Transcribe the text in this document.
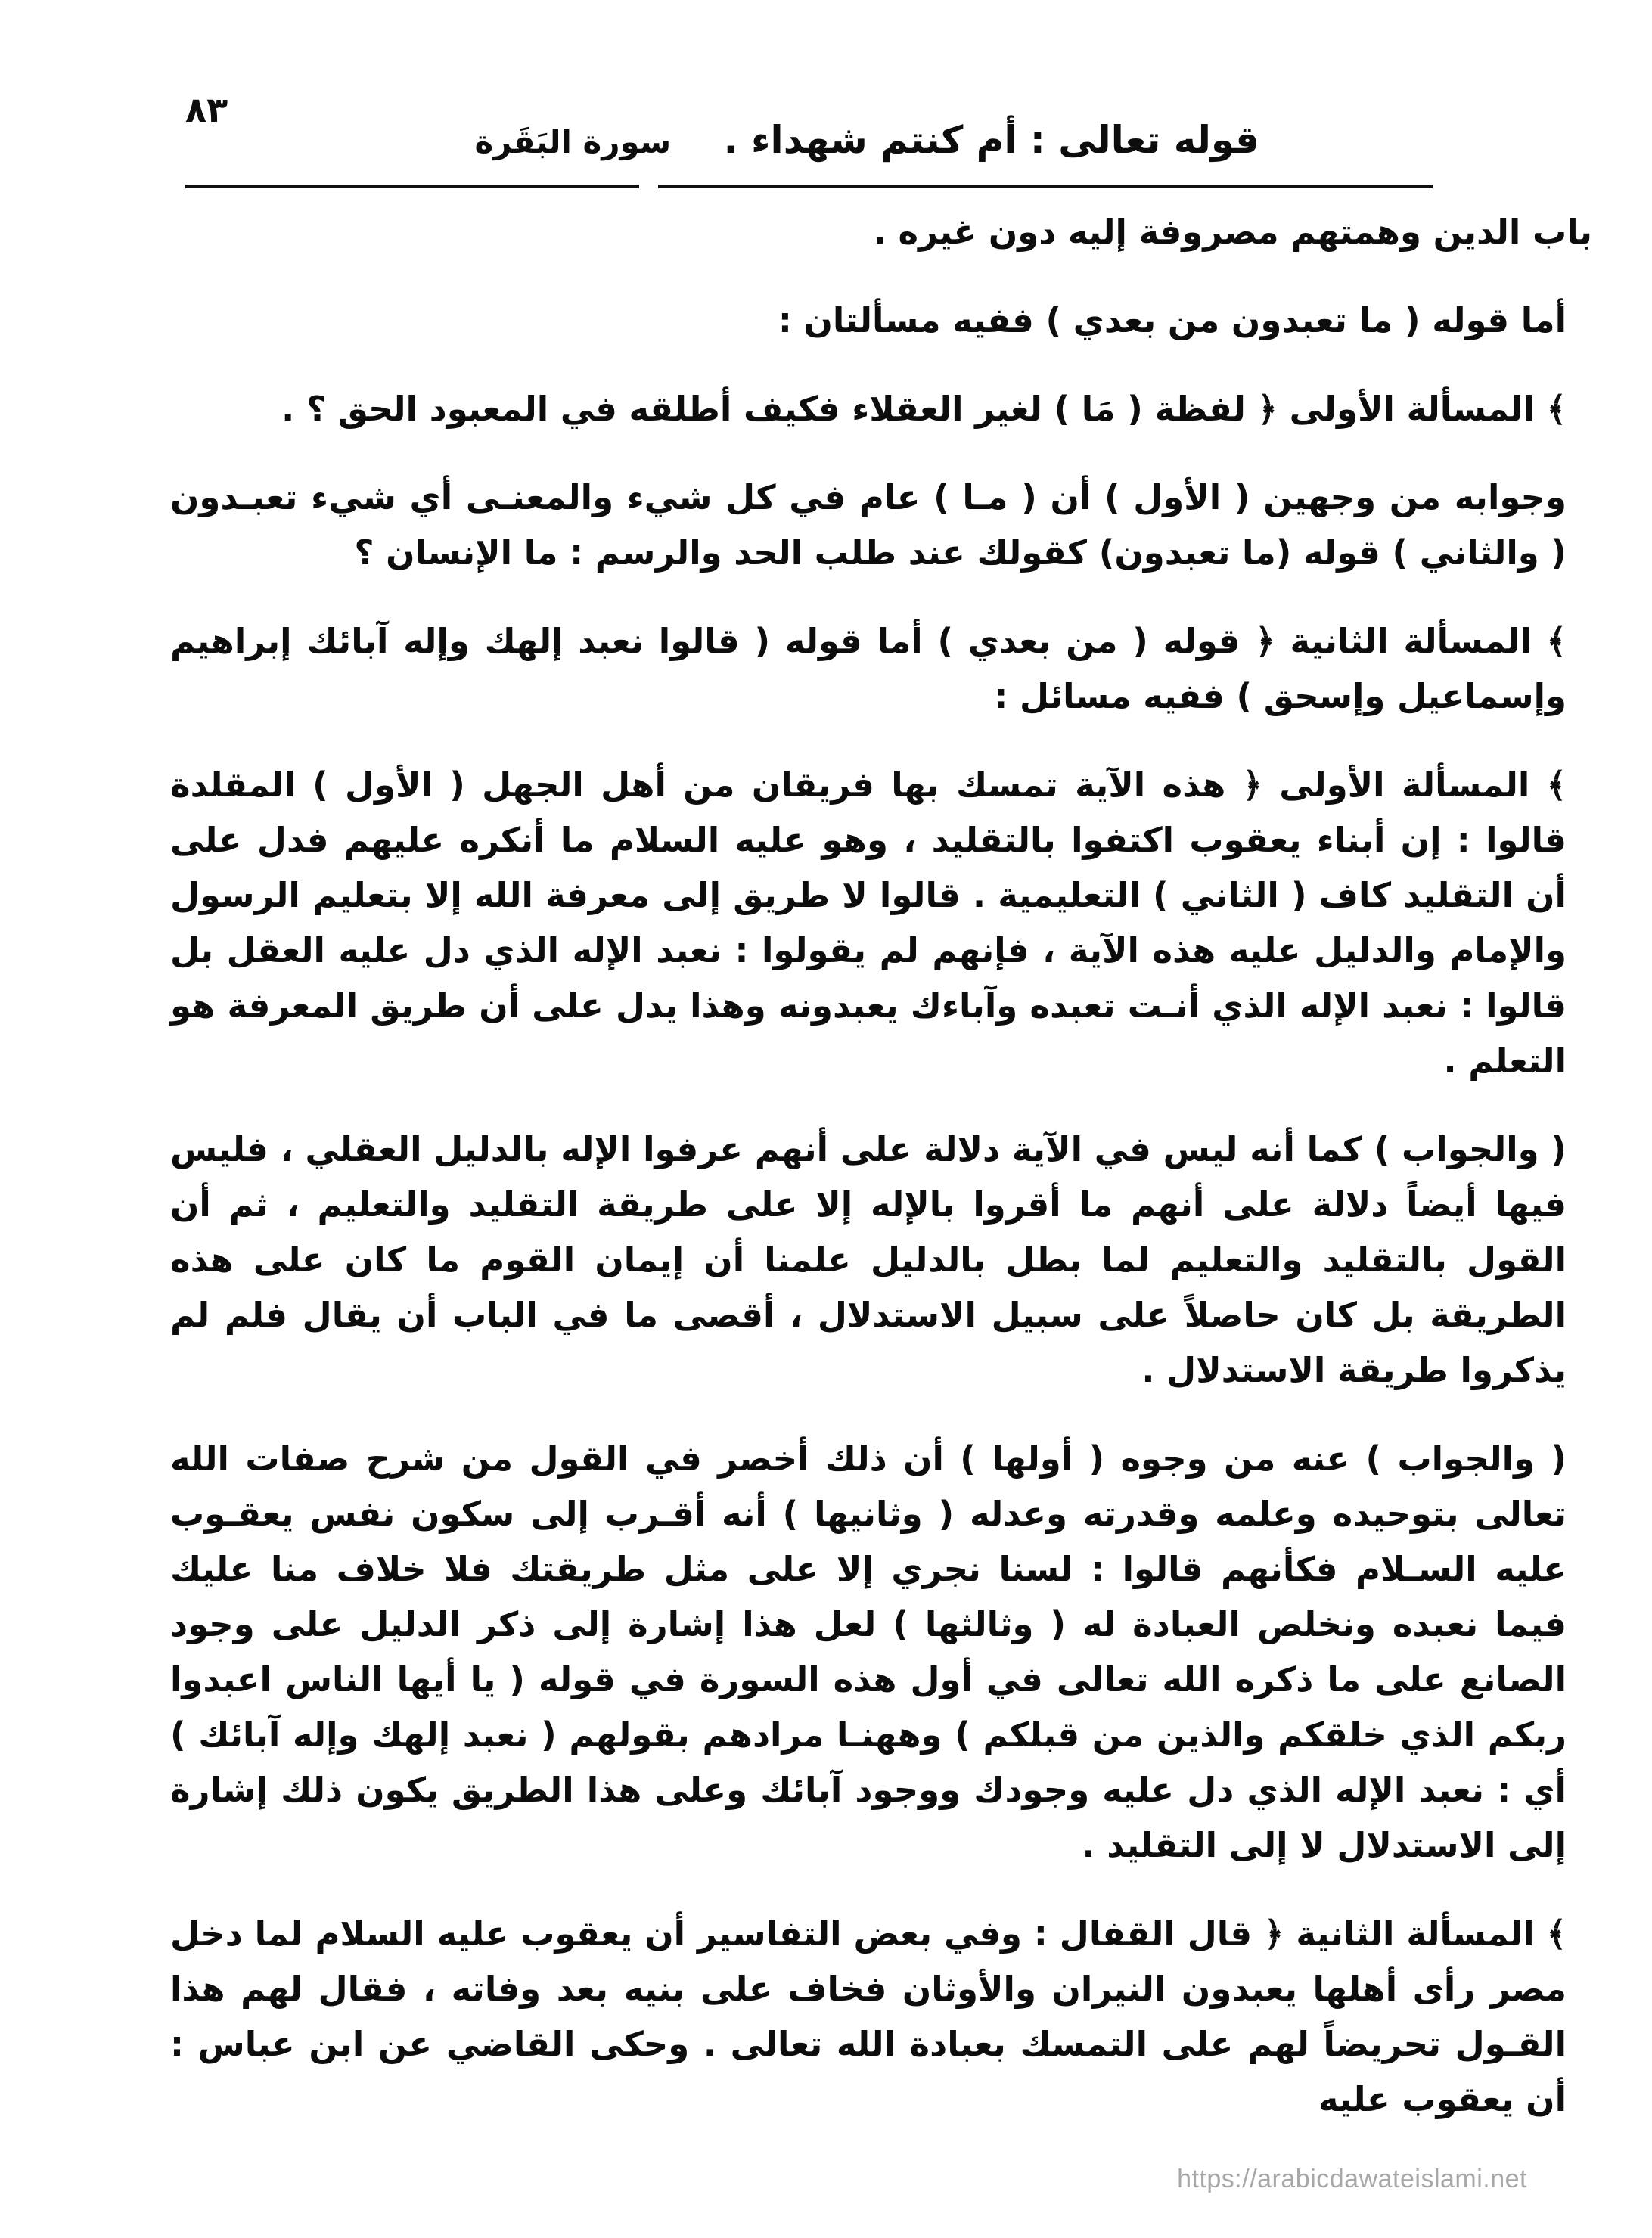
٨٣
قوله تعالى : أم كنتم شهداء . سورة البَقَرة

باب الدين وهمتهم مصروفة إليه دون غيره .

أما قوله ( ما تعبدون من بعدي ) ففيه مسألتان :

﴾ المسألة الأولى ﴿ لفظة ( مَا ) لغير العقلاء فكيف أطلقه في المعبود الحق ؟ .

وجوابه من وجهين ( الأول ) أن ( مـا ) عام في كل شيء والمعنـى أي شيء تعبـدون ( والثاني ) قوله (ما تعبدون) كقولك عند طلب الحد والرسم : ما الإنسان ؟

﴾ المسألة الثانية ﴿ قوله ( من بعدي ) أما قوله ( قالوا نعبد إلهك وإله آبائك إبراهيم وإسماعيل وإسحق ) ففيه مسائل :

﴾ المسألة الأولى ﴿ هذه الآية تمسك بها فريقان من أهل الجهل ( الأول ) المقلدة قالوا : إن أبناء يعقوب اكتفوا بالتقليد ، وهو عليه السلام ما أنكره عليهم فدل على أن التقليد كاف ( الثاني ) التعليمية . قالوا لا طريق إلى معرفة الله إلا بتعليم الرسول والإمام والدليل عليه هذه الآية ، فإنهم لم يقولوا : نعبد الإله الذي دل عليه العقل بل قالوا : نعبد الإله الذي أنـت تعبده وآباءك يعبدونه وهذا يدل على أن طريق المعرفة هو التعلم .

( والجواب ) كما أنه ليس في الآية دلالة على أنهم عرفوا الإله بالدليل العقلي ، فليس فيها أيضاً دلالة على أنهم ما أقروا بالإله إلا على طريقة التقليد والتعليم ، ثم أن القول بالتقليد والتعليم لما بطل بالدليل علمنا أن إيمان القوم ما كان على هذه الطريقة بل كان حاصلاً على سبيل الاستدلال ، أقصى ما في الباب أن يقال فلم لم يذكروا طريقة الاستدلال .

( والجواب ) عنه من وجوه ( أولها ) أن ذلك أخصر في القول من شرح صفات الله تعالى بتوحيده وعلمه وقدرته وعدله ( وثانيها ) أنه أقـرب إلى سكون نفس يعقـوب عليه السـلام فكأنهم قالوا : لسنا نجري إلا على مثل طريقتك فلا خلاف منا عليك فيما نعبده ونخلص العبادة له ( وثالثها ) لعل هذا إشارة إلى ذكر الدليل على وجود الصانع على ما ذكره الله تعالى في أول هذه السورة في قوله ( يا أيها الناس اعبدوا ربكم الذي خلقكم والذين من قبلكم ) وههنـا مرادهم بقولهم ( نعبد إلهك وإله آبائك ) أي : نعبد الإله الذي دل عليه وجودك ووجود آبائك وعلى هذا الطريق يكون ذلك إشارة إلى الاستدلال لا إلى التقليد .

﴾ المسألة الثانية ﴿ قال القفال : وفي بعض التفاسير أن يعقوب عليه السلام لما دخل مصر رأى أهلها يعبدون النيران والأوثان فخاف على بنيه بعد وفاته ، فقال لهم هذا القـول تحريضاً لهم على التمسك بعبادة الله تعالى . وحكى القاضي عن ابن عباس : أن يعقوب عليه

https://arabicdawateislami.net
